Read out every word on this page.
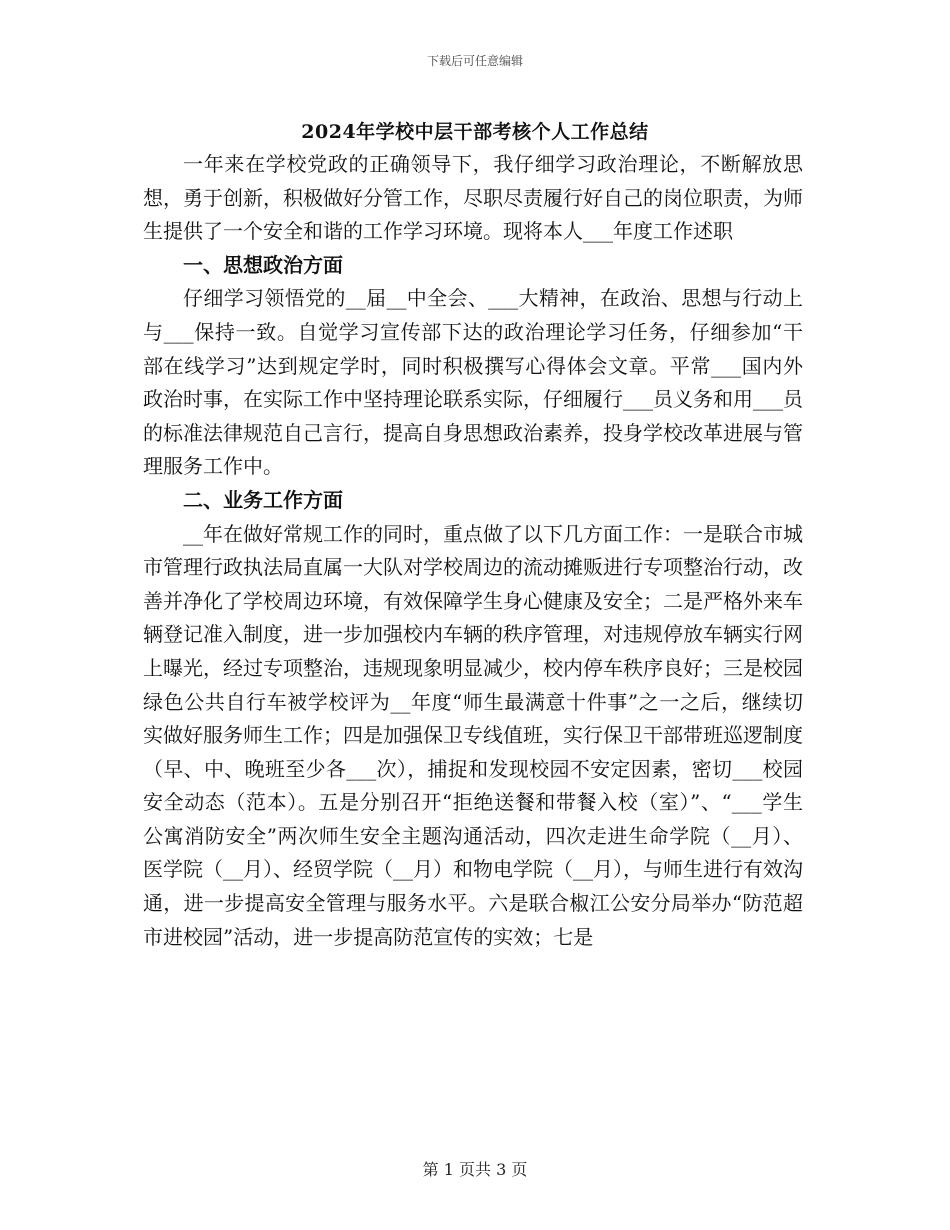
下载后可任意编辑
2024年学校中层干部考核个人工作总结

一年来在学校党政的正确领导下，我仔细学习政治理论，不断解放思想，勇于创新，积极做好分管工作，尽职尽责履行好自己的岗位职责，为师生提供了一个安全和谐的工作学习环境。现将本人___年度工作述职

一、思想政治方面

仔细学习领悟党的__届__中全会、___大精神，在政治、思想与行动上与___保持一致。自觉学习宣传部下达的政治理论学习任务，仔细参加“干部在线学习”达到规定学时，同时积极撰写心得体会文章。平常___国内外政治时事，在实际工作中坚持理论联系实际，仔细履行___员义务和用___员的标准法律规范自己言行，提高自身思想政治素养，投身学校改革进展与管理服务工作中。

二、业务工作方面

__年在做好常规工作的同时，重点做了以下几方面工作：一是联合市城市管理行政执法局直属一大队对学校周边的流动摊贩进行专项整治行动，改善并净化了学校周边环境，有效保障学生身心健康及安全；二是严格外来车辆登记准入制度，进一步加强校内车辆的秩序管理，对违规停放车辆实行网上曝光，经过专项整治，违规现象明显减少，校内停车秩序良好；三是校园绿色公共自行车被学校评为__年度“师生最满意十件事”之一之后，继续切实做好服务师生工作；四是加强保卫专线值班，实行保卫干部带班巡逻制度（早、中、晚班至少各___次），捕捉和发现校园不安定因素，密切___校园安全动态（范本）。五是分别召开“拒绝送餐和带餐入校（室）”、“___学生公寓消防安全”两次师生安全主题沟通活动，四次走进生命学院（__月）、医学院（__月）、经贸学院（__月）和物电学院（__月），与师生进行有效沟通，进一步提高安全管理与服务水平。六是联合椒江公安分局举办“防范超市进校园”活动，进一步提高防范宣传的实效；七是

第 1 页共 3 页
